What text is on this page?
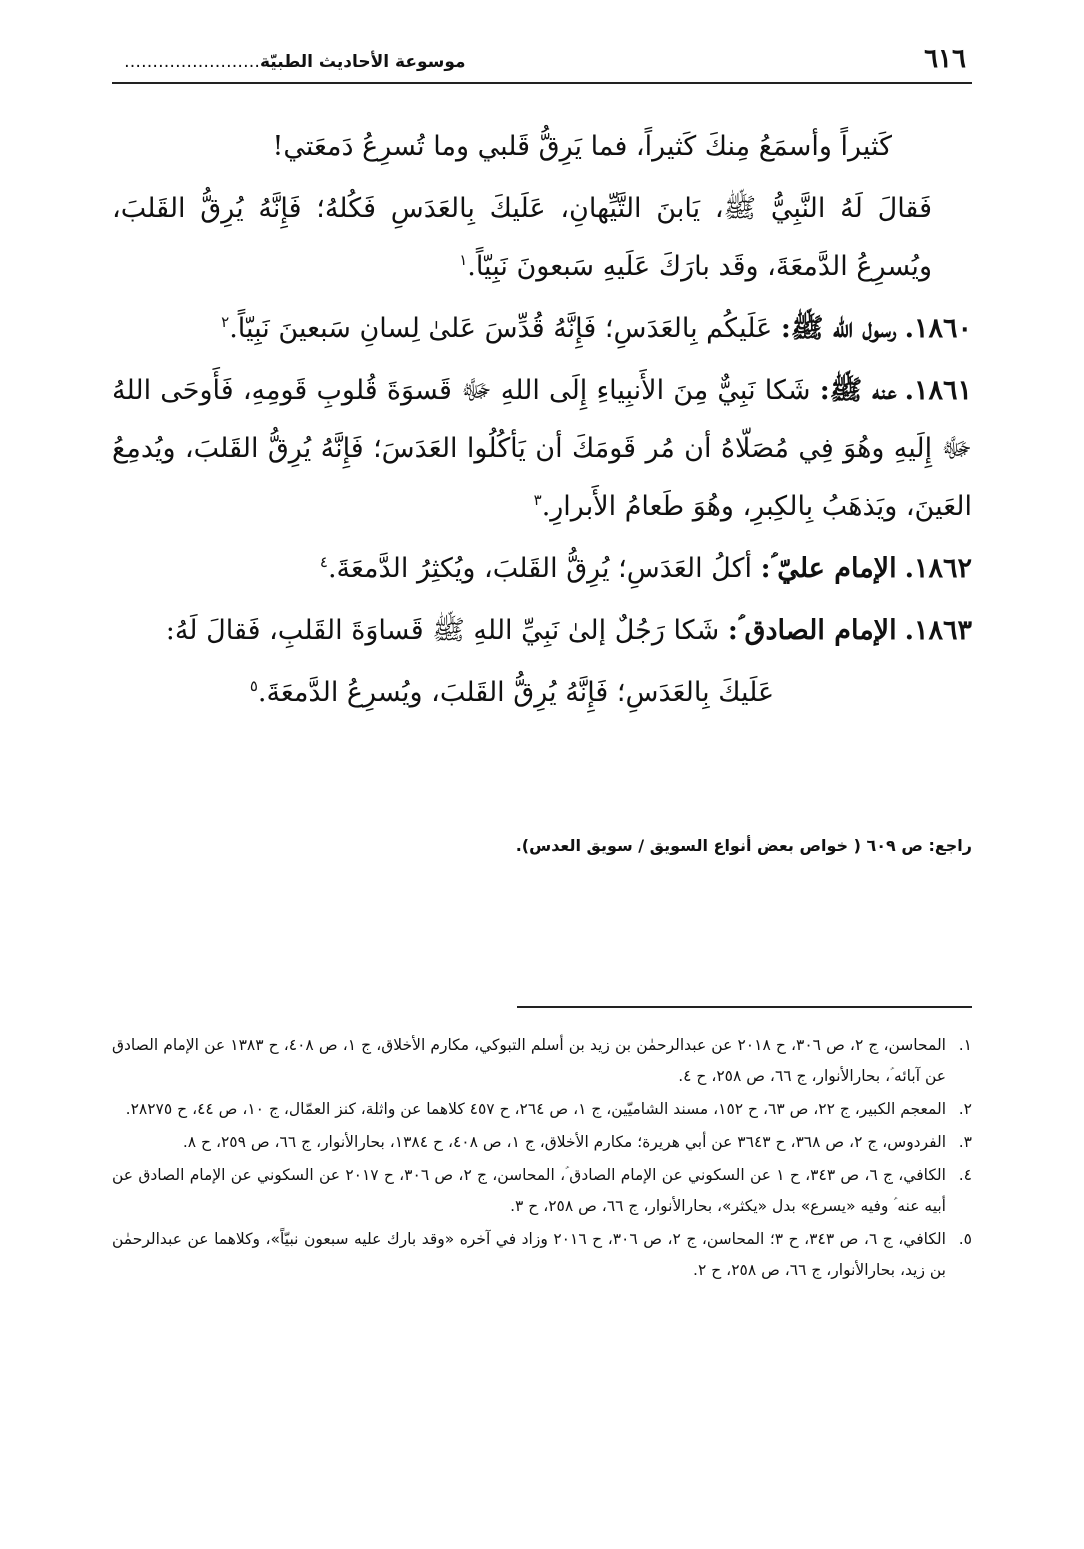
٦١٦
موسوعة الأحاديث الطبيّة……………………

كَثيراً وأسمَعُ مِنكَ كَثيراً، فما يَرِقُّ قَلبي وما تُسرِعُ دَمعَتي!

فَقالَ لَهُ النَّبِيُّ ﷺ، يَابنَ التَّيِّهانِ، عَلَيكَ بِالعَدَسِ فَكُلهُ؛ فَإِنَّهُ يُرِقُّ القَلبَ، ويُسرِعُ الدَّمعَةَ، وقَد بارَكَ عَلَيهِ سَبعونَ نَبِيّاً.$^١$

١٨٦٠.رسول الله ﷺ: عَلَيكُم بِالعَدَسِ؛ فَإِنَّهُ قُدِّسَ عَلىٰ لِسانِ سَبعينَ نَبِيّاً.$^٢$

١٨٦١.عنه ﷺ: شَكا نَبِيٌّ مِنَ الأَنبِياءِ إِلَى اللهِ ﷻ قَسوَةَ قُلوبِ قَومِهِ، فَأَوحَى اللهُ ﷻ إِلَيهِ وهُوَ فِي مُصَلّاهُ أن مُر قَومَكَ أن يَأكُلُوا العَدَسَ؛ فَإِنَّهُ يُرِقُّ القَلبَ، ويُدمِعُ العَينَ، ويَذهَبُ بِالكِبرِ، وهُوَ طَعامُ الأَبرارِ.$^٣$

١٨٦٢.الإمام عليّ ؑ: أكلُ العَدَسِ؛ يُرِقُّ القَلبَ، ويُكثِرُ الدَّمعَةَ.$^٤$

١٨٦٣.الإمام الصادق ؑ: شَكا رَجُلٌ إلىٰ نَبِيِّ اللهِ ﷺ قَساوَةَ القَلبِ، فَقالَ لَهُ:

عَلَيكَ بِالعَدَسِ؛ فَإِنَّهُ يُرِقُّ القَلبَ، ويُسرِعُ الدَّمعَةَ.$^٥$

راجع: ص ٦٠٩ ( خواص بعض أنواع السويق / سويق العدس).

١.
المحاسن، ج ٢، ص ٣٠٦، ح ٢٠١٨ عن عبدالرحمٰن بن زيد بن أسلم التبوكي، مكارم الأخلاق، ج ١، ص ٤٠٨، ح ١٣٨٣ عن الإمام الصادق عن آبائه ؑ، بحارالأنوار، ج ٦٦، ص ٢٥٨، ح ٤.

٢.
المعجم الكبير، ج ٢٢، ص ٦٣، ح ١٥٢، مسند الشاميّين، ج ١، ص ٢٦٤، ح ٤٥٧ كلاهما عن واثلة، كنز العمّال، ج ١٠، ص ٤٤، ح ٢٨٢٧٥.

٣.
الفردوس، ج ٢، ص ٣٦٨، ح ٣٦٤٣ عن أبي هريرة؛ مكارم الأخلاق، ج ١، ص ٤٠٨، ح ١٣٨٤، بحارالأنوار، ج ٦٦، ص ٢٥٩، ح ٨.

٤.
الكافي، ج ٦، ص ٣٤٣، ح ١ عن السكوني عن الإمام الصادق ؑ، المحاسن، ج ٢، ص ٣٠٦، ح ٢٠١٧ عن السكوني عن الإمام الصادق عن أبيه عنه ؑ وفيه «يسرع» بدل «يكثر»، بحارالأنوار، ج ٦٦، ص ٢٥٨، ح ٣.

٥.
الكافي، ج ٦، ص ٣٤٣، ح ٣؛ المحاسن، ج ٢، ص ٣٠٦، ح ٢٠١٦ وزاد في آخره «وقد بارك عليه سبعون نبيّاً»، وكلاهما عن عبدالرحمٰن بن زيد، بحارالأنوار، ج ٦٦، ص ٢٥٨، ح ٢.
